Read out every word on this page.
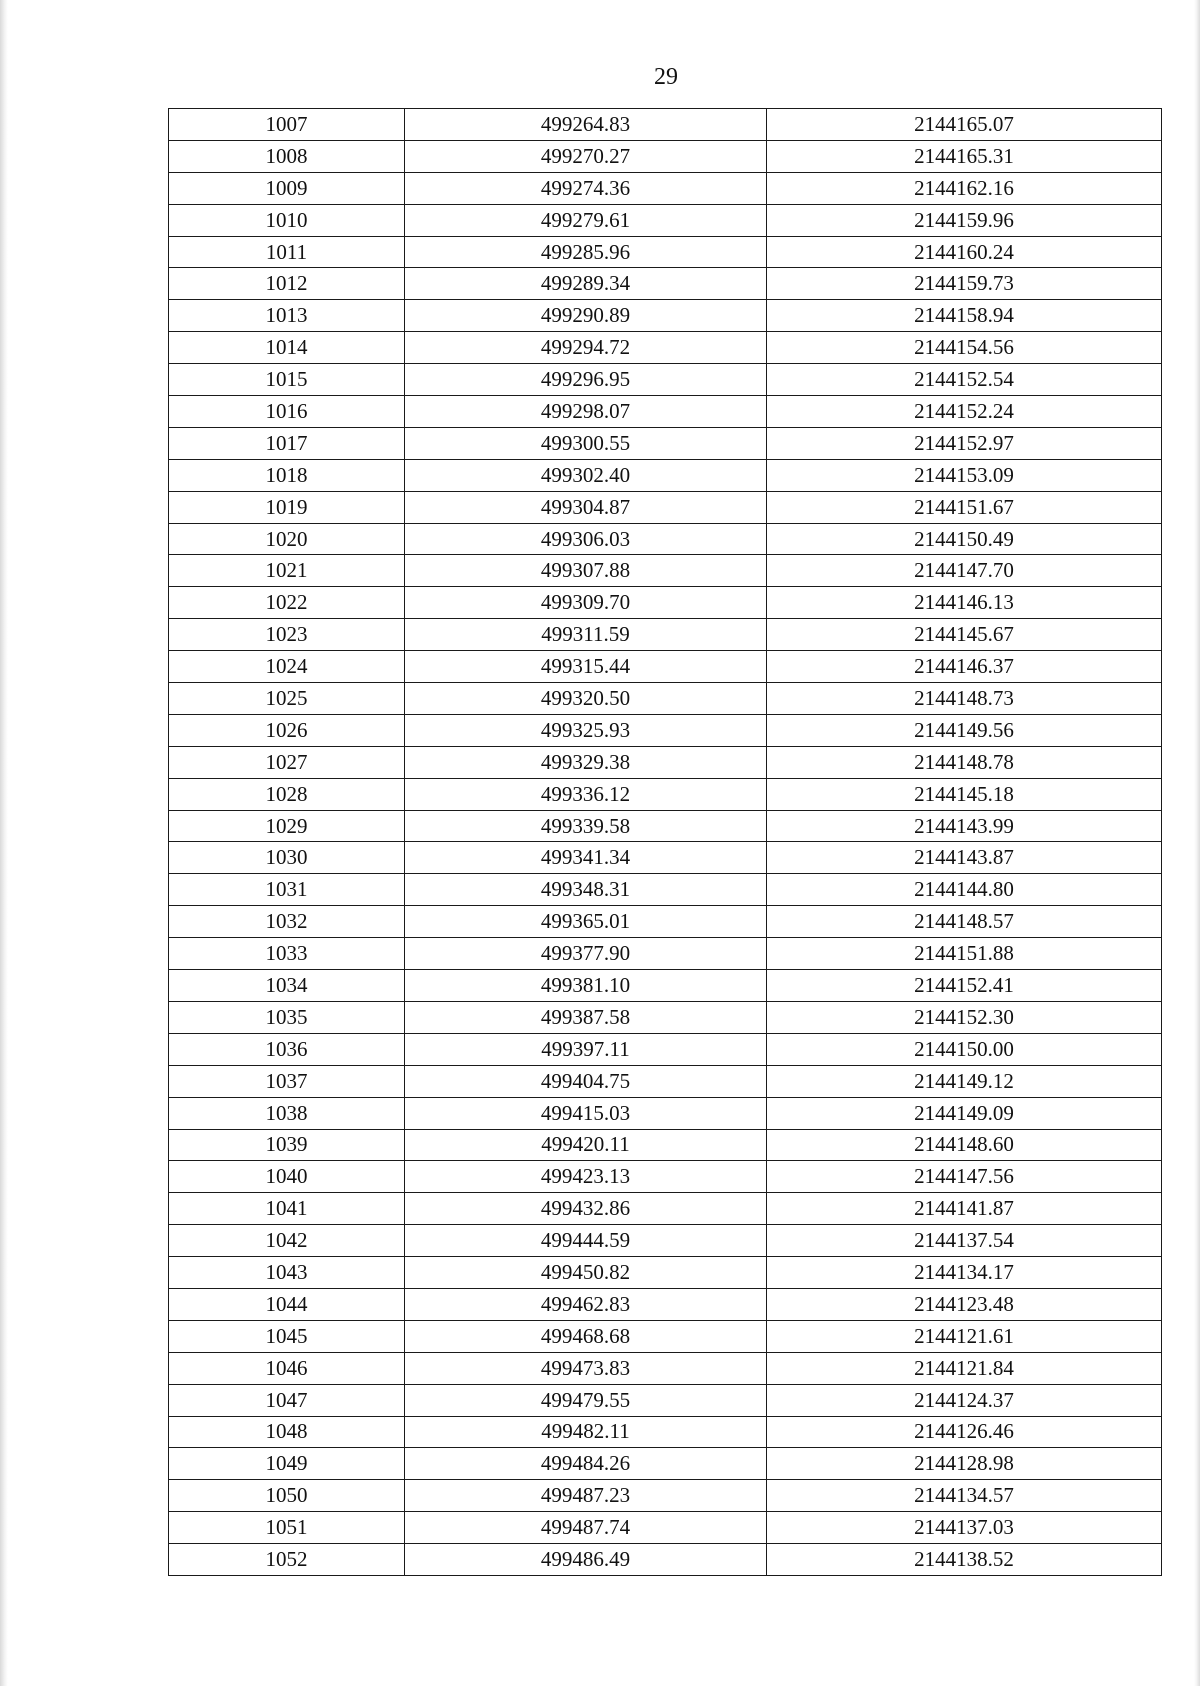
29
1007	499264.83	2144165.07
1008	499270.27	2144165.31
1009	499274.36	2144162.16
1010	499279.61	2144159.96
1011	499285.96	2144160.24
1012	499289.34	2144159.73
1013	499290.89	2144158.94
1014	499294.72	2144154.56
1015	499296.95	2144152.54
1016	499298.07	2144152.24
1017	499300.55	2144152.97
1018	499302.40	2144153.09
1019	499304.87	2144151.67
1020	499306.03	2144150.49
1021	499307.88	2144147.70
1022	499309.70	2144146.13
1023	499311.59	2144145.67
1024	499315.44	2144146.37
1025	499320.50	2144148.73
1026	499325.93	2144149.56
1027	499329.38	2144148.78
1028	499336.12	2144145.18
1029	499339.58	2144143.99
1030	499341.34	2144143.87
1031	499348.31	2144144.80
1032	499365.01	2144148.57
1033	499377.90	2144151.88
1034	499381.10	2144152.41
1035	499387.58	2144152.30
1036	499397.11	2144150.00
1037	499404.75	2144149.12
1038	499415.03	2144149.09
1039	499420.11	2144148.60
1040	499423.13	2144147.56
1041	499432.86	2144141.87
1042	499444.59	2144137.54
1043	499450.82	2144134.17
1044	499462.83	2144123.48
1045	499468.68	2144121.61
1046	499473.83	2144121.84
1047	499479.55	2144124.37
1048	499482.11	2144126.46
1049	499484.26	2144128.98
1050	499487.23	2144134.57
1051	499487.74	2144137.03
1052	499486.49	2144138.52
